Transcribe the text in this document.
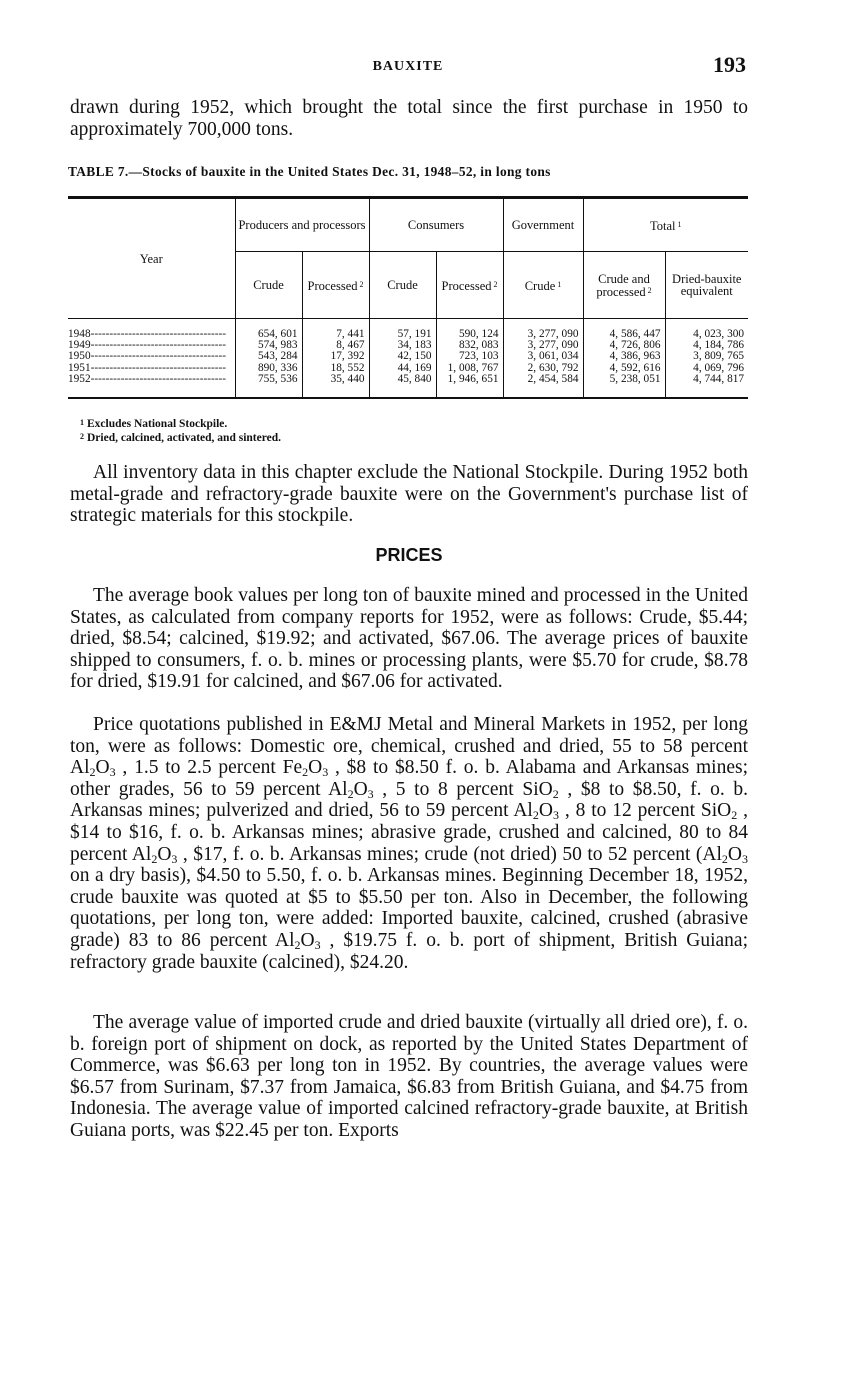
BAUXITE	193

drawn during 1952, which brought the total since the first purchase in 1950 to approximately 700,000 tons.

TABLE 7.—Stocks of bauxite in the United States Dec. 31, 1948–52, in long tons

Year	Producers and processors		Consumers		Government	Total $^1$
	Crude	Processed $^2$	Crude	Processed $^2$	Crude $^1$	Crude and processed $^2$	Dried-bauxite equivalent
1948------------------------------------	654, 601	7, 441	57, 191	590, 124	3, 277, 090	4, 586, 447	4, 023, 300
1949------------------------------------	574, 983	8, 467	34, 183	832, 083	3, 277, 090	4, 726, 806	4, 184, 786
1950------------------------------------	543, 284	17, 392	42, 150	723, 103	3, 061, 034	4, 386, 963	3, 809, 765
1951------------------------------------	890, 336	18, 552	44, 169	1, 008, 767	2, 630, 792	4, 592, 616	4, 069, 796
1952------------------------------------	755, 536	35, 440	45, 840	1, 946, 651	2, 454, 584	5, 238, 051	4, 744, 817
$^1$ Excludes National Stockpile.
$^2$ Dried, calcined, activated, and sintered.

All inventory data in this chapter exclude the National Stockpile. During 1952 both metal-grade and refractory-grade bauxite were on the Government's purchase list of strategic materials for this stockpile.

PRICES

The average book values per long ton of bauxite mined and processed in the United States, as calculated from company reports for 1952, were as follows: Crude, $5.44; dried, $8.54; calcined, $19.92; and activated, $67.06. The average prices of bauxite shipped to consumers, f. o. b. mines or processing plants, were $5.70 for crude, $8.78 for dried, $19.91 for calcined, and $67.06 for activated.

Price quotations published in E&MJ Metal and Mineral Markets in 1952, per long ton, were as follows: Domestic ore, chemical, crushed and dried, 55 to 58 percent $Al_2O_3$ , 1.5 to 2.5 percent $Fe_2O_3$ , $8 to $8.50 f. o. b. Alabama and Arkansas mines; other grades, 56 to 59 percent $Al_2O_3$ , 5 to 8 percent SiO$_2$ , $8 to $8.50, f. o. b. Arkansas mines; pulverized and dried, 56 to 59 percent $Al_2O_3$ , 8 to 12 percent SiO$_2$ , $14 to $16, f. o. b. Arkansas mines; abrasive grade, crushed and calcined, 80 to 84 percent $Al_2O_3$ , $17, f. o. b. Arkansas mines; crude (not dried) 50 to 52 percent ($Al_2O_3$ on a dry basis), $4.50 to 5.50, f. o. b. Arkansas mines. Beginning December 18, 1952, crude bauxite was quoted at $5 to $5.50 per ton. Also in December, the following quotations, per long ton, were added: Imported bauxite, calcined, crushed (abrasive grade) 83 to 86 percent $Al_2O_3$ , $19.75 f. o. b. port of shipment, British Guiana; refractory grade bauxite (calcined), $24.20.

The average value of imported crude and dried bauxite (virtually all dried ore), f. o. b. foreign port of shipment on dock, as reported by the United States Department of Commerce, was $6.63 per long ton in 1952. By countries, the average values were $6.57 from Surinam, $7.37 from Jamaica, $6.83 from British Guiana, and $4.75 from Indonesia. The average value of imported calcined refractory-grade bauxite, at British Guiana ports, was $22.45 per ton. Exports
